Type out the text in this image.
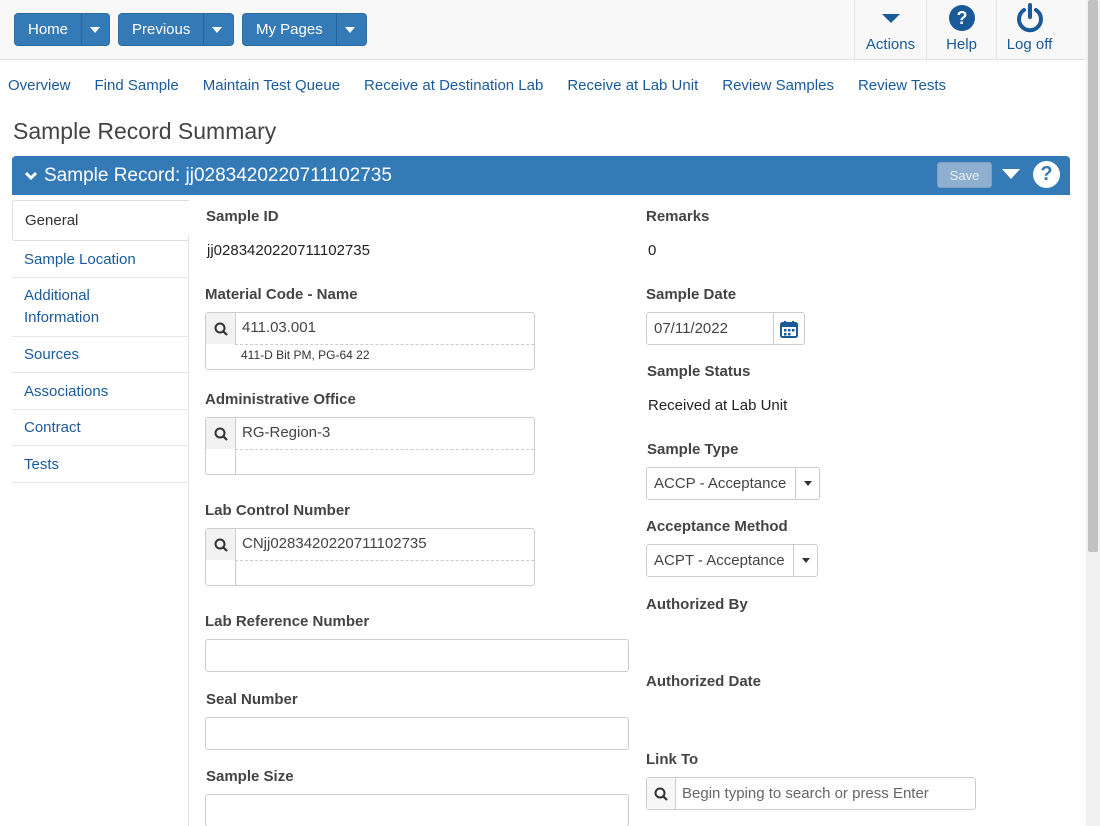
Home	Previous	My Pages
Actions
?
Help Log off
Overview Find Sample Maintain Test Queue Receive at Destination Lab Receive at Lab Unit Review Samples Review Tests
Sample Record Summary
Sample Record: jj0283420220711102735	Save	?
General
Sample Location
Additional Information
Sources
Associations
Contract
Tests
Sample ID
jj0283420220711102735
Material Code - Name
411.03.001
411-D Bit PM, PG-64 22
Administrative Office
RG-Region-3
Lab Control Number
CNjj0283420220711102735
Lab Reference Number
Seal Number
Sample Size
Remarks
0
Sample Date
07/11/2022
Sample Status
Received at Lab Unit
Sample Type
ACCP - Acceptance
Acceptance Method
ACPT - Acceptance
Authorized By
Authorized Date
Link To
Begin typing to search or press Enter
